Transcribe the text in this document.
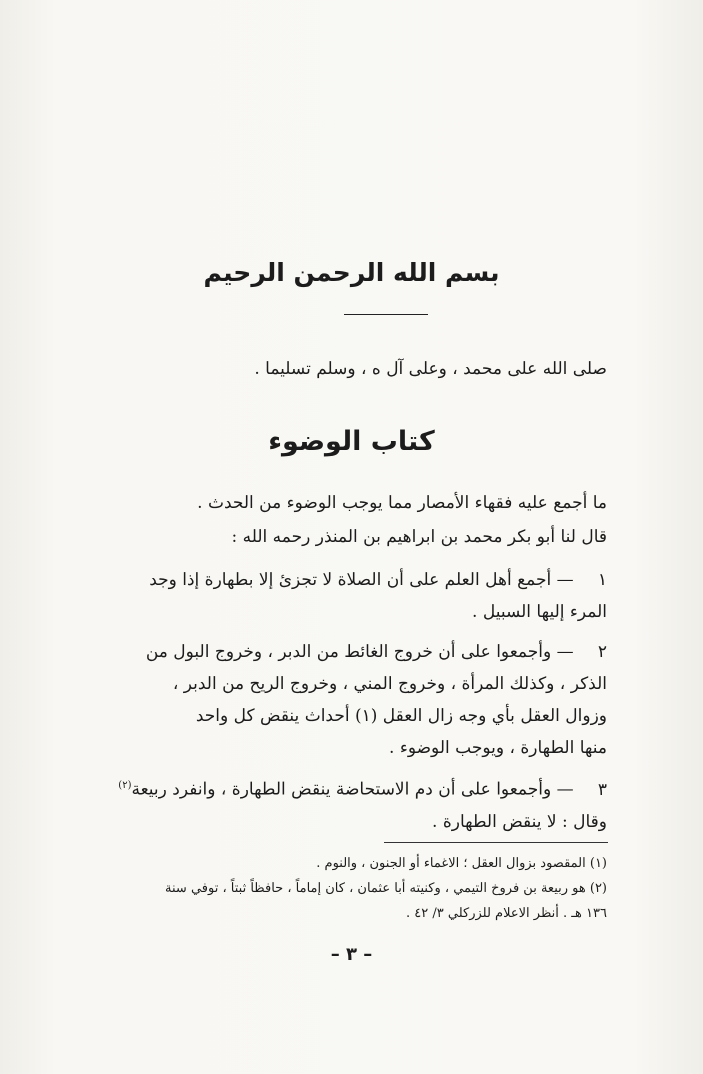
بسم الله الرحمن الرحيم
صلى الله على محمد ، وعلى آل ه ، وسلم تسليما .
كتاب الوضوء
ما أجمع عليه فقهاء الأمصار مما يوجب الوضوء من الحدث .
قال لنا أبو بكر محمد بن ابراهيم بن المنذر رحمه الله :
١ — أجمع أهل العلم على أن الصلاة لا تجزئ إلا بطهارة إذا وجد
المرء إليها السبيل .
٢ — وأجمعوا على أن خروج الغائط من الدبر ، وخروج البول من
الذكر ، وكذلك المرأة ، وخروج المني ، وخروج الريح من الدبر ،
وزوال العقل بأي وجه زال العقل (١) أحداث ينقض كل واحد
منها الطهارة ، ويوجب الوضوء .
٣ — وأجمعوا على أن دم الاستحاضة ينقض الطهارة ، وانفرد ربيعة$^{(٢)}$
وقال : لا ينقض الطهارة .
(١) المقصود بزوال العقل ؛ الاغماء أو الجنون ، والنوم .
(٢) هو ربيعة بن فروخ التيمي ، وكنيته أبا عثمان ، كان إماماً ، حافظاً ثبتاً ، توفي سنة
١٣٦ هـ . أنظر الاعلام للزركلي ٣/ ٤٢ .
– ٣ –
